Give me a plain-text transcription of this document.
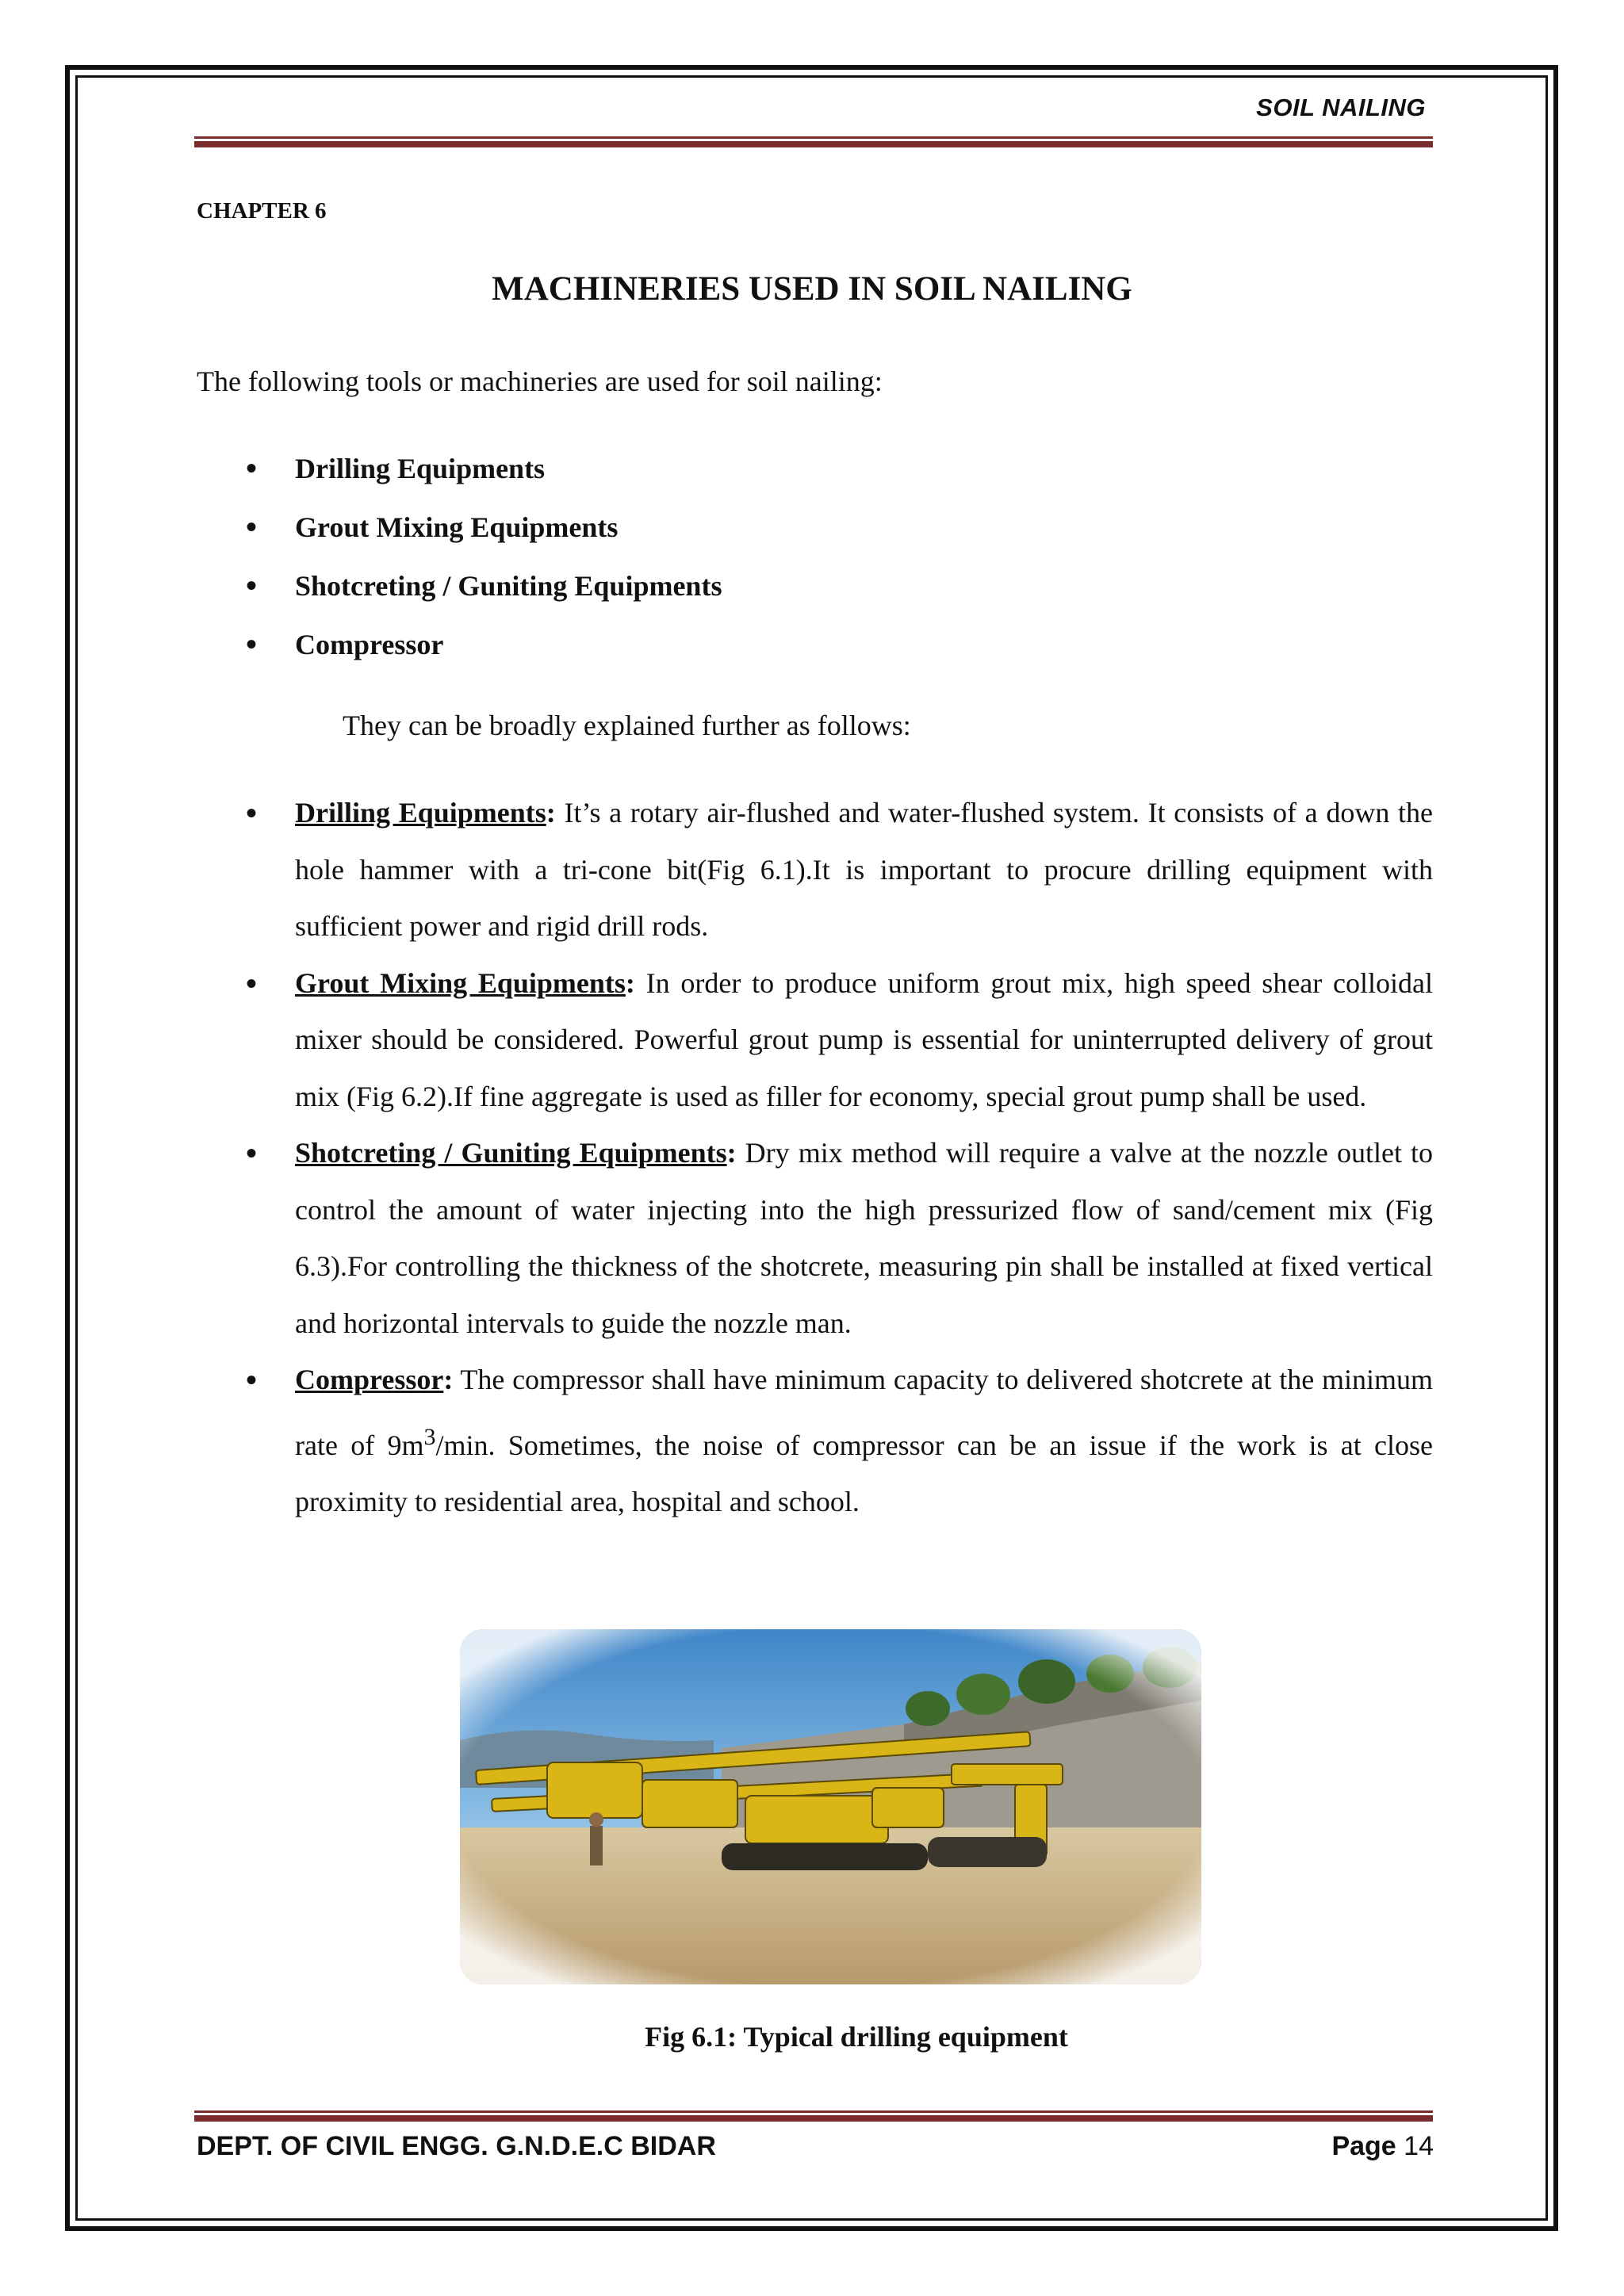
SOIL NAILING
CHAPTER 6
MACHINERIES USED IN SOIL NAILING
The following tools or machineries are used for soil nailing:
• Drilling Equipments
• Grout Mixing Equipments
• Shotcreting / Guniting Equipments
• Compressor
They can be broadly explained further as follows:
• Drilling Equipments: It’s a rotary air-flushed and water-flushed system. It consists of a down the hole hammer with a tri-cone bit(Fig 6.1).It is important to procure drilling equipment with sufficient power and rigid drill rods.
• Grout Mixing Equipments: In order to produce uniform grout mix, high speed shear colloidal mixer should be considered. Powerful grout pump is essential for uninterrupted delivery of grout mix (Fig 6.2).If fine aggregate is used as filler for economy, special grout pump shall be used.
• Shotcreting / Guniting Equipments: Dry mix method will require a valve at the nozzle outlet to control the amount of water injecting into the high pressurized flow of sand/cement mix (Fig 6.3).For controlling the thickness of the shotcrete, measuring pin shall be installed at fixed vertical and horizontal intervals to guide the nozzle man.
• Compressor: The compressor shall have minimum capacity to delivered shotcrete at the minimum rate of $9m^3/\min$. Sometimes, the noise of compressor can be an issue if the work is at close proximity to residential area, hospital and school.
Fig 6.1: Typical drilling equipment
DEPT. OF CIVIL ENGG. G.N.D.E.C BIDAR	Page 14
